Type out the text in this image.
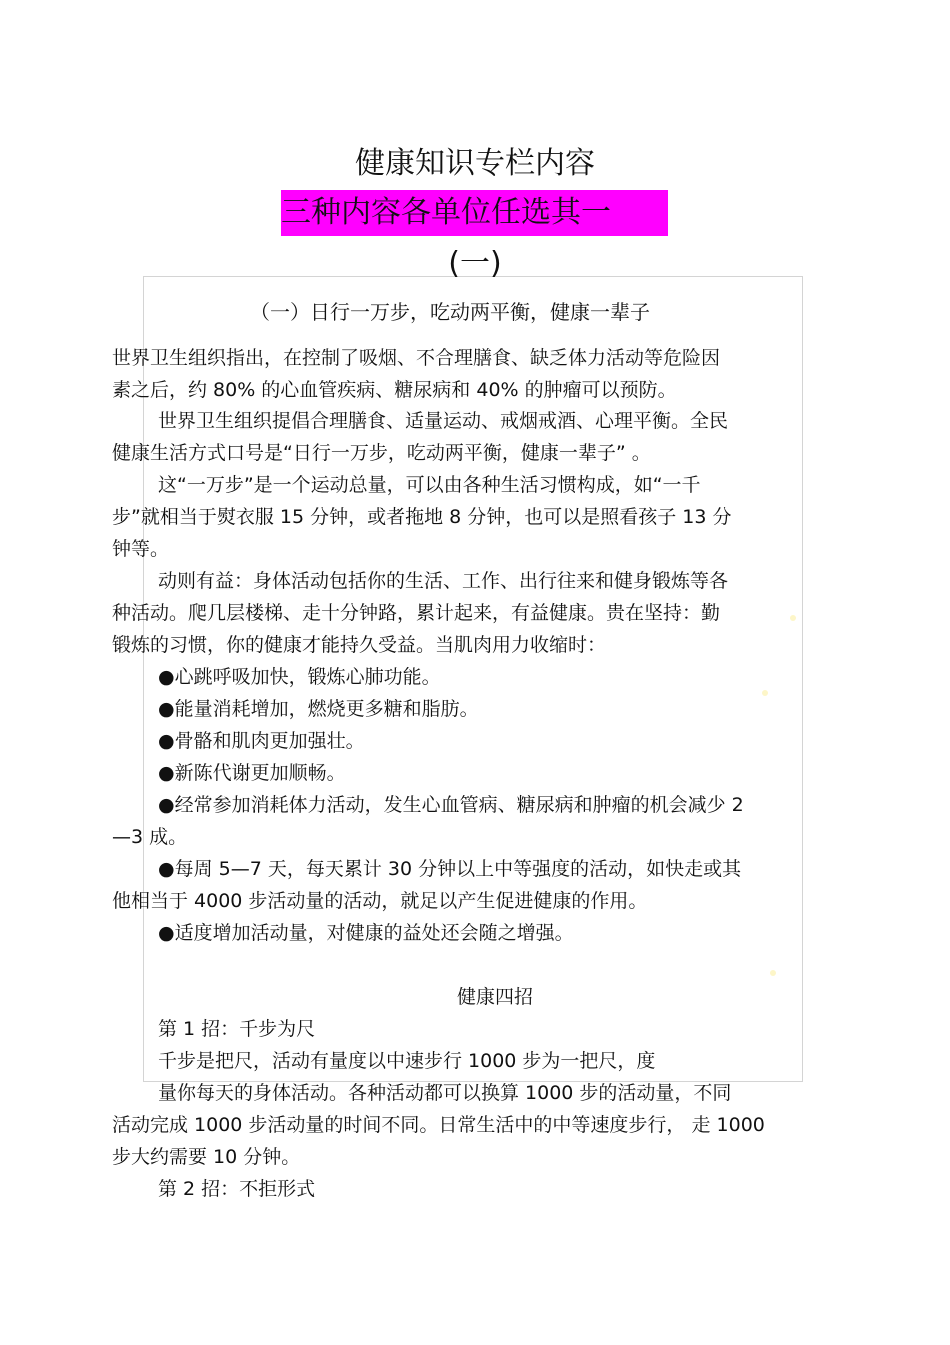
健康知识专栏内容
三种内容各单位任选其一
(一)
（一）日行一万步，吃动两平衡，健康一辈子
世界卫生组织指出，在控制了吸烟、不合理膳食、缺乏体力活动等危险因
素之后，约 80% 的心血管疾病、糖尿病和 40% 的肿瘤可以预防。
世界卫生组织提倡合理膳食、适量运动、戒烟戒酒、心理平衡。全民
健康生活方式口号是“日行一万步，吃动两平衡，健康一辈子” 。
这“一万步”是一个运动总量，可以由各种生活习惯构成，如“一千
步”就相当于熨衣服 15 分钟，或者拖地 8 分钟，也可以是照看孩子 13 分
钟等。
动则有益：身体活动包括你的生活、工作、出行往来和健身锻炼等各
种活动。爬几层楼梯、走十分钟路，累计起来，有益健康。贵在坚持：勤
锻炼的习惯，你的健康才能持久受益。当肌肉用力收缩时：
●心跳呼吸加快，锻炼心肺功能。
●能量消耗增加，燃烧更多糖和脂肪。
●骨骼和肌肉更加强壮。
●新陈代谢更加顺畅。
●经常参加消耗体力活动，发生心血管病、糖尿病和肿瘤的机会减少 2
—3 成。
●每周 5—7 天，每天累计 30 分钟以上中等强度的活动，如快走或其
他相当于 4000 步活动量的活动，就足以产生促进健康的作用。
●适度增加活动量，对健康的益处还会随之增强。
健康四招
第 1 招：千步为尺
千步是把尺，活动有量度以中速步行 1000 步为一把尺，度
量你每天的身体活动。各种活动都可以换算 1000 步的活动量，不同
活动完成 1000 步活动量的时间不同。日常生活中的中等速度步行， 走 1000
步大约需要 10 分钟。
第 2 招：不拒形式
